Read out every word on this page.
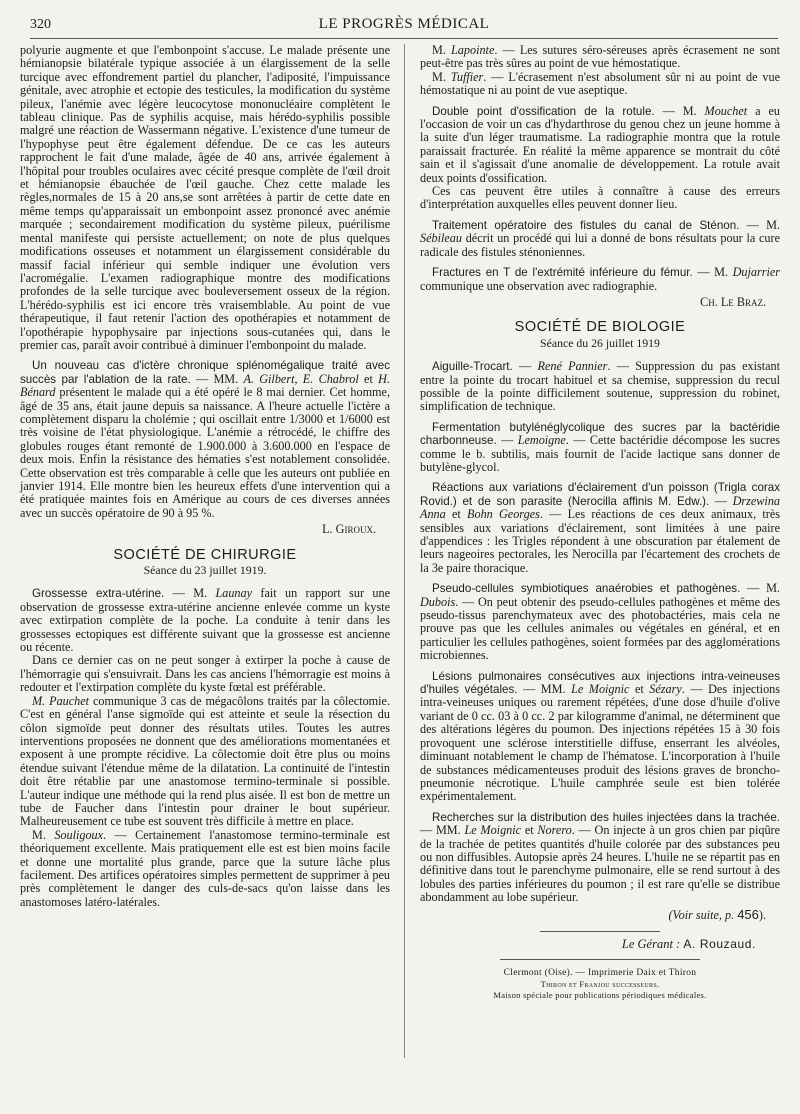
320	LE PROGRÈS MÉDICAL

polyurie augmente et que l'embonpoint s'accuse. Le malade présente une hémianopsie bilatérale typique associée à un élargissement de la selle turcique avec effondrement partiel du plancher, l'adiposité, l'impuissance génitale, avec atrophie et ectopie des testicules, la modification du système pileux, l'anémie avec légère leucocytose mononucléaire complètent le tableau clinique. Pas de syphilis acquise, mais hérédo-syphilis possible malgré une réaction de Wassermann négative. L'existence d'une tumeur de l'hypophyse peut être également défendue. De ce cas les auteurs rapprochent le fait d'une malade, âgée de 40 ans, arrivée également à l'hôpital pour troubles oculaires avec cécité presque complète de l'œil droit et hémianopsie ébauchée de l'œil gauche. Chez cette malade les règles,normales de 15 à 20 ans,se sont arrêtées à partir de cette date en même temps qu'apparaissait un embonpoint assez prononcé avec anémie marquée ; secondairement modification du système pileux, puérilisme mental manifeste qui persiste actuellement; on note de plus quelques modifications osseuses et notamment un élargissement considérable du massif facial inférieur qui semble indiquer une évolution vers l'acromégalie. L'examen radiographique montre des modifications profondes de la selle turcique avec bouleversement osseux de la région. L'hérédo-syphilis est ici encore très vraisemblable. Au point de vue thérapeutique, il faut retenir l'action des opothérapies et notamment de l'opothérapie hypophysaire par injections sous-cutanées qui, dans le premier cas, paraît avoir contribué à diminuer l'embonpoint du malade.

Un nouveau cas d'ictère chronique splénomégalique traité avec succès par l'ablation de la rate. — MM. A. Gilbert, E. Chabrol et H. Bénard présentent le malade qui a été opéré le 8 mai dernier. Cet homme, âgé de 35 ans, était jaune depuis sa naissance. A l'heure actuelle l'ictère a complètement disparu la cholémie ; qui oscillait entre 1/3000 et 1/6000 est très voisine de l'état physiologique. L'anémie a rétrocédé, le chiffre des globules rouges étant remonté de 1.900.000 à 3.600.000 en l'espace de deux mois. Enfin la résistance des hématies s'est notablement consolidée. Cette observation est très comparable à celle que les auteurs ont publiée en janvier 1914. Elle montre bien les heureux effets d'une intervention qui a été pratiquée maintes fois en Amérique au cours de ces diverses années avec un succès opératoire de 90 à 95 %.

L. Giroux.

SOCIÉTÉ DE CHIRURGIE

Séance du 23 juillet 1919.

Grossesse extra-utérine. — M. Launay fait un rapport sur une observation de grossesse extra-utérine ancienne enlevée comme un kyste avec extirpation complète de la poche. La conduite à tenir dans les grossesses ectopiques est différente suivant que la grossesse est ancienne ou récente.

Dans ce dernier cas on ne peut songer à extirper la poche à cause de l'hémorragie qui s'ensuivrait. Dans les cas anciens l'hémorragie est moins à redouter et l'extirpation complète du kyste fœtal est préférable.

M. Pauchet communique 3 cas de mégacôlons traités par la côlectomie. C'est en général l'anse sigmoïde qui est atteinte et seule la résection du côlon sigmoïde peut donner des résultats utiles. Toutes les autres interventions proposées ne donnent que des améliorations momentanées et exposent à une prompte récidive. La côlectomie doit être plus ou moins étendue suivant l'étendue même de la dilatation. La continuité de l'intestin doit être rétablie par une anastomose termino-terminale si possible. L'auteur indique une méthode qui la rend plus aisée. Il est bon de mettre un tube de Faucher dans l'intestin pour drainer le bout supérieur. Malheureusement ce tube est souvent très difficile à mettre en place.

M. Souligoux. — Certainement l'anastomose termino-terminale est théoriquement excellente. Mais pratiquement elle est est bien moins facile et donne une mortalité plus grande, parce que la suture lâche plus facilement. Des artifices opératoires simples permettent de supprimer à peu près complètement le danger des culs-de-sacs qu'on laisse dans les anastomoses latéro-latérales.

M. Lapointe. — Les sutures séro-séreuses après écrasement ne sont peut-être pas très sûres au point de vue hémostatique.

M. Tuffier. — L'écrasement n'est absolument sûr ni au point de vue hémostatique ni au point de vue aseptique.

Double point d'ossification de la rotule. — M. Mouchet a eu l'occasion de voir un cas d'hydarthrose du genou chez un jeune homme à la suite d'un léger traumatisme. La radiographie montra que la rotule paraissait fracturée. En réalité la même apparence se montrait du côté sain et il s'agissait d'une anomalie de développement. La rotule avait deux points d'ossification.

Ces cas peuvent être utiles à connaître à cause des erreurs d'interprétation auxquelles elles peuvent donner lieu.

Traitement opératoire des fistules du canal de Sténon. — M. Sébileau décrit un procédé qui lui a donné de bons résultats pour la cure radicale des fistules sténoniennes.

Fractures en T de l'extrémité inférieure du fémur. — M. Dujarrier communique une observation avec radiographie.

Ch. Le Braz.

SOCIÉTÉ DE BIOLOGIE

Séance du 26 juillet 1919

Aiguille-Trocart. — René Pannier. — Suppression du pas existant entre la pointe du trocart habituel et sa chemise, suppression du recul possible de la pointe difficilement soutenue, suppression du robinet, simplification de technique.

Fermentation butylénéglycolique des sucres par la bactéridie charbonneuse. — Lemoigne. — Cette bactéridie décompose les sucres comme le b. subtilis, mais fournit de l'acide lactique sans donner de butylène-glycol.

Réactions aux variations d'éclairement d'un poisson (Trigla corax Rovid.) et de son parasite (Nerocilla affinis M. Edw.). — Drzewina Anna et Bohn Georges. — Les réactions de ces deux animaux, très sensibles aux variations d'éclairement, sont limitées à une paire d'appendices : les Trigles répondent à une obscuration par étalement de leurs nageoires pectorales, les Nerocilla par l'écartement des crochets de la 3e paire thoracique.

Pseudo-cellules symbiotiques anaérobies et pathogènes. — M. Dubois. — On peut obtenir des pseudo-cellules pathogènes et même des pseudo-tissus parenchymateux avec des photobactéries, mais cela ne prouve pas que les cellules animales ou végétales en général, et en particulier les cellules pathogènes, soient formées par des agglomérations microbiennes.

Lésions pulmonaires consécutives aux injections intra-veineuses d'huiles végétales. — MM. Le Moignic et Sézary. — Des injections intra-veineuses uniques ou rarement répétées, d'une dose d'huile d'olive variant de 0 cc. 03 à 0 cc. 2 par kilogramme d'animal, ne déterminent que des altérations légères du poumon. Des injections répétées 15 à 30 fois provoquent une sclérose interstitielle diffuse, enserrant les alvéoles, diminuant notablement le champ de l'hématose. L'incorporation à l'huile de substances médicamenteuses produit des lésions graves de broncho-pneumonie nécrotique. L'huile camphrée seule est bien tolérée expérimentalement.

Recherches sur la distribution des huiles injectées dans la trachée. — MM. Le Moignic et Norero. — On injecte à un gros chien par piqûre de la trachée de petites quantités d'huile colorée par des substances peu ou non diffusibles. Autopsie après 24 heures. L'huile ne se répartit pas en définitive dans tout le parenchyme pulmonaire, elle se rend surtout à des lobules des parties inférieures du poumon ; il est rare qu'elle se distribue abondamment au lobe supérieur.

(Voir suite, p. 456).

Le Gérant : A. Rouzaud.

Clermont (Oise). — Imprimerie Daix et Thiron

Thiron et Franjou successeurs.

Maison spéciale pour publications périodiques médicales.
